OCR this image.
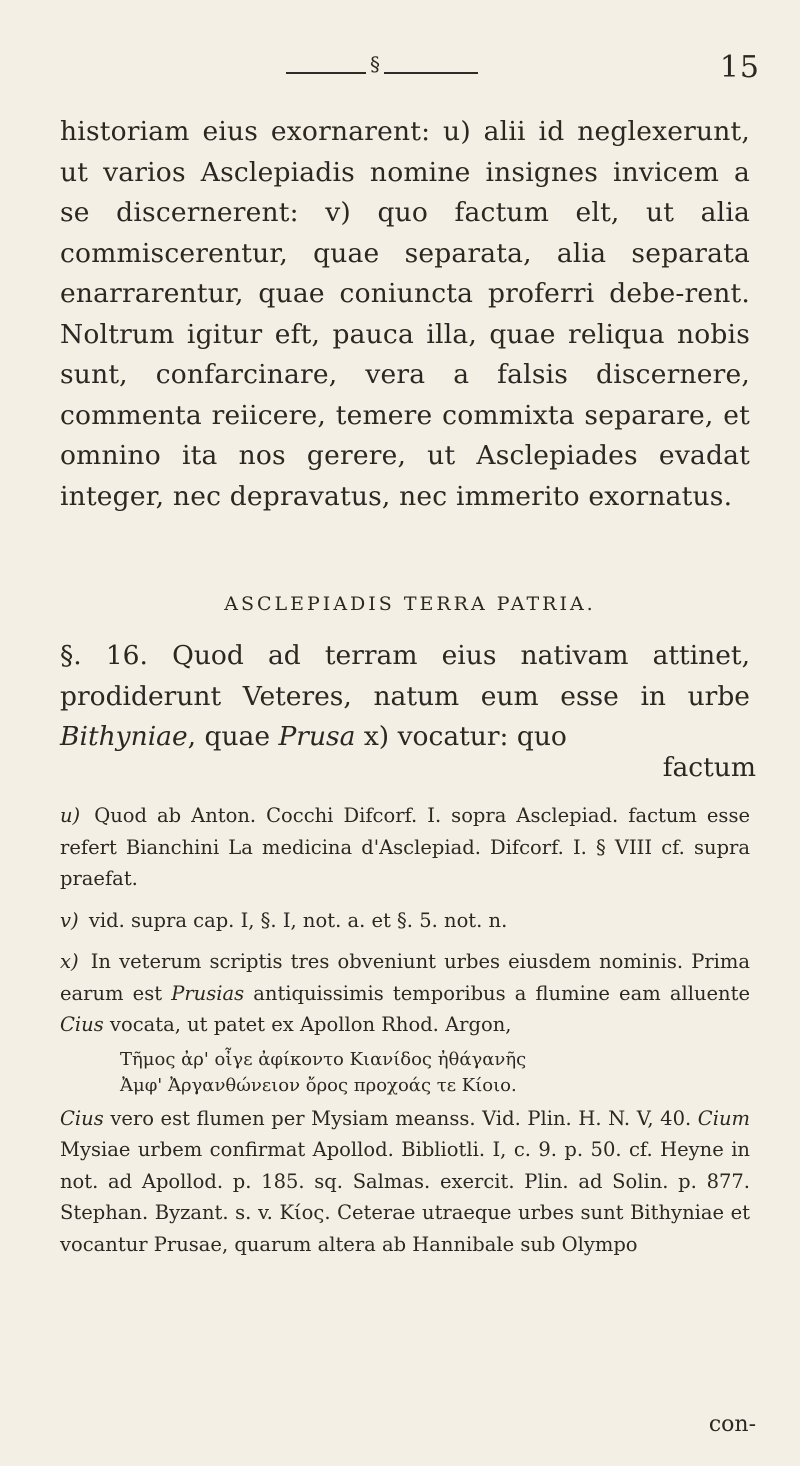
§	15
historiam eius exornarent: u) alii id neglexerunt, ut varios Asclepiadis nomine insignes invicem a se discernerent: v) quo factum elt, ut alia commiscerentur, quae separata, alia separata enarrarentur, quae coniuncta proferri debe-rent. Noltrum igitur eft, pauca illa, quae reliqua nobis sunt, confarcinare, vera a falsis discernere, commenta reiicere, temere commixta separare, et omnino ita nos gerere, ut Asclepiades evadat integer, nec depravatus, nec immerito exornatus.
ASCLEPIADIS TERRA PATRIA.
§. 16. Quod ad terram eius nativam attinet, prodiderunt Veteres, natum eum esse in urbe Bithyniae, quae Prusa x) vocatur: quo
factum

u) Quod ab Anton. Cocchi Difcorf. I. sopra Asclepiad. factum esse refert Bianchini La medicina d'Asclepiad. Difcorf. I. § VIII cf. supra praefat.

v) vid. supra cap. I, §. I, not. a. et §. 5. not. n.

x) In veterum scriptis tres obveniunt urbes eiusdem nominis. Prima earum est Prusias antiquissimis temporibus a flumine eam alluente Cius vocata, ut patet ex Apollon Rhod. Argon,

Τῆμος ἀρ' οἶγε ἀφίκοντο Κιανίδος ἠθάγανῆς

Ἀμφ' Ἀργανθώνειον ὄρος προχοάς τε Κίοιο.

Cius vero est flumen per Mysiam meanss. Vid. Plin. H. N. V, 40. Cium Mysiae urbem confirmat Apollod. Bibliotli. I, c. 9. p. 50. cf. Heyne in not. ad Apollod. p. 185. sq. Salmas. exercit. Plin. ad Solin. p. 877. Stephan. Byzant. s. v. Κίος. Ceterae utraeque urbes sunt Bithyniae et vocantur Prusae, quarum altera ab Hannibale sub Olympo

con-
